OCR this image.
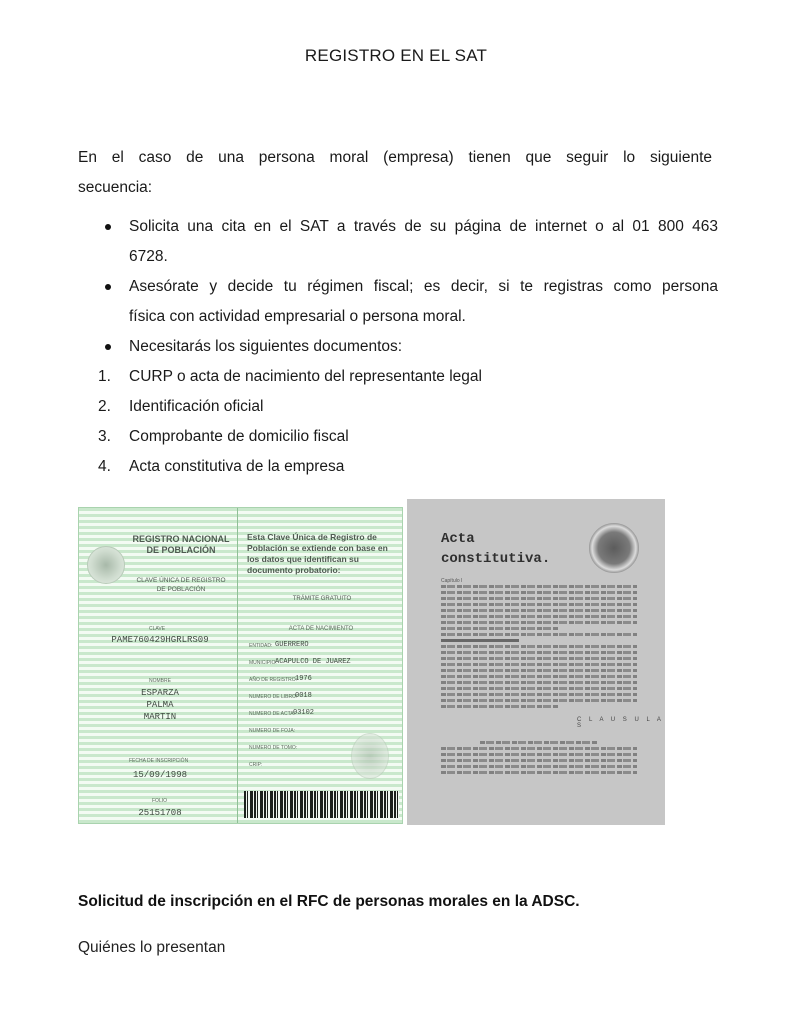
REGISTRO EN EL SAT
En el caso de una persona moral (empresa) tienen que seguir lo siguiente
secuencia:
Solicita una cita en el SAT a través de su página de internet o al 01 800 463
6728.
Asesórate y decide tu régimen fiscal; es decir, si te registras como persona
física con actividad empresarial o persona moral.
Necesitarás los siguientes documentos:
1. CURP o acta de nacimiento del representante legal
2. Identificación oficial
3. Comprobante de domicilio fiscal
4. Acta constitutiva de la empresa
REGISTRO NACIONAL
DE POBLACIÓN
CLAVE ÚNICA DE REGISTRO
DE POBLACIÓN
Esta Clave Única de Registro de Población se extiende con base en los datos que identifican su documento probatorio:
TRÁMITE GRATUITO
CLAVE
PAME760429HGRLRS09
NOMBRE
ESPARZA
PALMA
MARTIN
FECHA DE INSCRIPCIÓN
15/09/1998
FOLIO
25151708
ACTA DE NACIMIENTO
ENTIDAD: GUERRERO
MUNICIPIO:
ACAPULCO DE JUAREZ
AÑO DE REGISTRO:
1976
NUMERO DE LIBRO:
0018
NUMERO DE ACTA:
03102
NUMERO DE FOJA:
NUMERO DE TOMO:
CRIP:
Acta
constitutiva.
Capítulo I
C L A U S U L A S
Solicitud de inscripción en el RFC de personas morales en la ADSC.
Quiénes lo presentan
